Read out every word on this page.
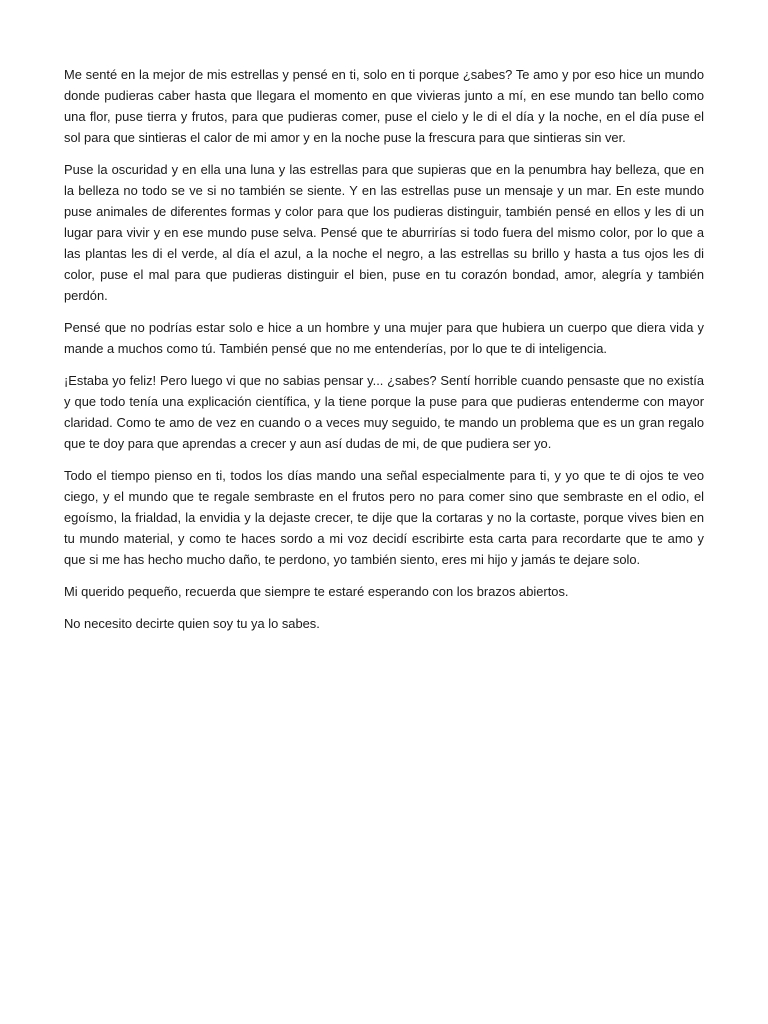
Me senté en la mejor de mis estrellas y pensé en ti, solo en ti porque ¿sabes? Te amo y por eso hice un mundo donde pudieras caber hasta que llegara el momento en que vivieras junto a mí, en ese mundo tan bello como una flor, puse tierra y frutos, para que pudieras comer, puse el cielo y le di el día y la noche, en el día puse el sol para que sintieras el calor de mi amor y en la noche puse la frescura para que sintieras sin ver.

Puse la oscuridad y en ella una luna y las estrellas para que supieras que en la penumbra hay belleza, que en la belleza no todo se ve si no también se siente. Y en las estrellas puse un mensaje y un mar. En este mundo puse animales de diferentes formas y color para que los pudieras distinguir, también pensé en ellos y les di un lugar para vivir y en ese mundo puse selva. Pensé que te aburrirías si todo fuera del mismo color, por lo que a las plantas les di el verde, al día el azul, a la noche el negro, a las estrellas su brillo y hasta a tus ojos les di color, puse el mal para que pudieras distinguir el bien, puse en tu corazón bondad, amor, alegría y también perdón.

Pensé que no podrías estar solo e hice a un hombre y una mujer para que hubiera un cuerpo que diera vida y mande a muchos como tú. También pensé que no me entenderías, por lo que te di inteligencia.

¡Estaba yo feliz! Pero luego vi que no sabias pensar y... ¿sabes? Sentí horrible cuando pensaste que no existía y que todo tenía una explicación científica, y la tiene porque la puse para que pudieras entenderme con mayor claridad. Como te amo de vez en cuando o a veces muy seguido, te mando un problema que es un gran regalo que te doy para que aprendas a crecer y aun así dudas de mi, de que pudiera ser yo.

Todo el tiempo pienso en ti, todos los días mando una señal especialmente para ti, y yo que te di ojos te veo ciego, y el mundo que te regale sembraste en el frutos pero no para comer sino que sembraste en el odio, el egoísmo, la frialdad, la envidia y la dejaste crecer, te dije que la cortaras y no la cortaste, porque vives bien en tu mundo material, y como te haces sordo a mi voz decidí escribirte esta carta para recordarte que te amo y que si me has hecho mucho daño, te perdono, yo también siento, eres mi hijo y jamás te dejare solo.

Mi querido pequeño, recuerda que siempre te estaré esperando con los brazos abiertos.

No necesito decirte quien soy tu ya lo sabes.
